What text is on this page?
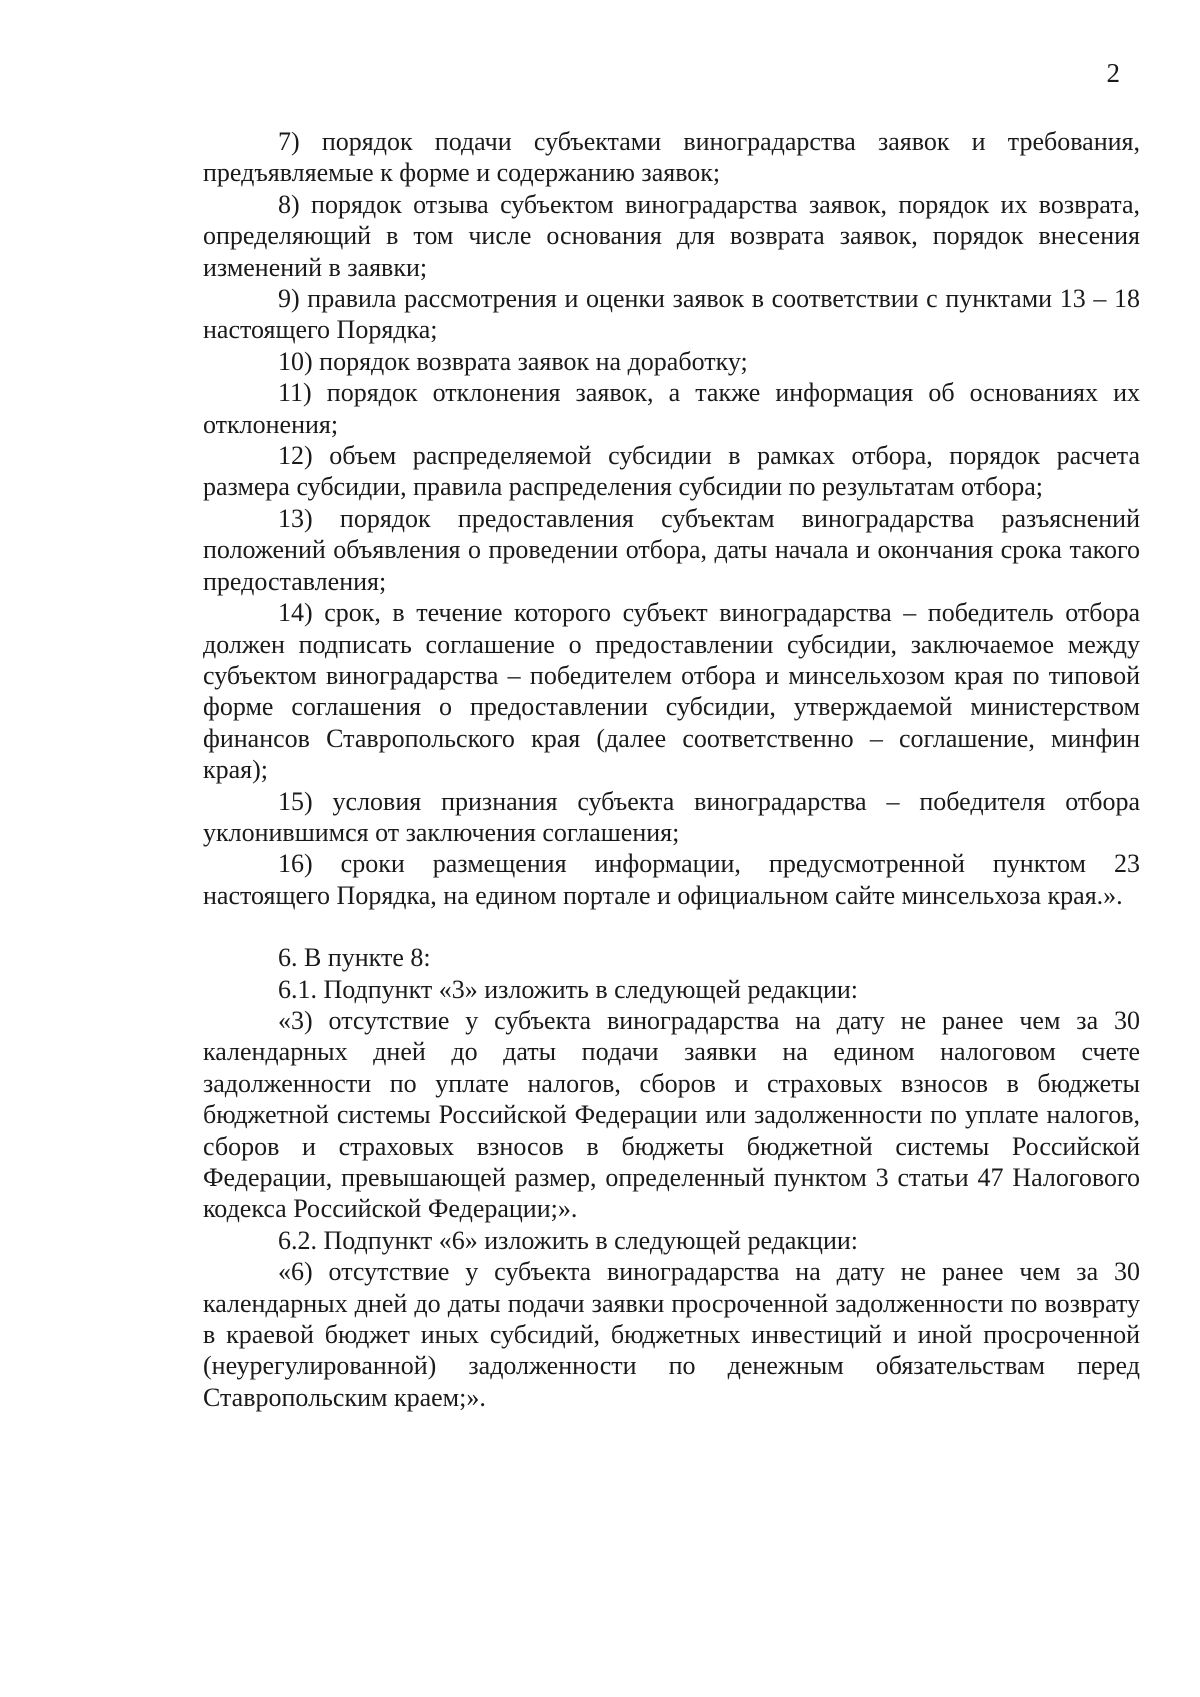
2

7) порядок подачи субъектами виноградарства заявок и требования, предъявляемые к форме и содержанию заявок;

8) порядок отзыва субъектом виноградарства заявок, порядок их возврата, определяющий в том числе основания для возврата заявок, порядок внесения изменений в заявки;

9) правила рассмотрения и оценки заявок в соответствии с пунктами 13 – 18 настоящего Порядка;

10) порядок возврата заявок на доработку;

11) порядок отклонения заявок, а также информация об основаниях их отклонения;

12) объем распределяемой субсидии в рамках отбора, порядок расчета размера субсидии, правила распределения субсидии по результатам отбора;

13) порядок предоставления субъектам виноградарства разъяснений положений объявления о проведении отбора, даты начала и окончания срока такого предоставления;

14) срок, в течение которого субъект виноградарства – победитель отбора должен подписать соглашение о предоставлении субсидии, заключаемое между субъектом виноградарства – победителем отбора и минсельхозом края по типовой форме соглашения о предоставлении субсидии, утверждаемой министерством финансов Ставропольского края (далее соответственно – соглашение, минфин края);

15) условия признания субъекта виноградарства – победителя отбора уклонившимся от заключения соглашения;

16) сроки размещения информации, предусмотренной пунктом 23 настоящего Порядка, на едином портале и официальном сайте минсельхоза края.».

6. В пункте 8:

6.1. Подпункт «3» изложить в следующей редакции:

«3) отсутствие у субъекта виноградарства на дату не ранее чем за 30 календарных дней до даты подачи заявки на едином налоговом счете задолженности по уплате налогов, сборов и страховых взносов в бюджеты бюджетной системы Российской Федерации или задолженности по уплате налогов, сборов и страховых взносов в бюджеты бюджетной системы Российской Федерации, превышающей размер, определенный пунктом 3 статьи 47 Налогового кодекса Российской Федерации;».

6.2. Подпункт «6» изложить в следующей редакции:

«6) отсутствие у субъекта виноградарства на дату не ранее чем за 30 календарных дней до даты подачи заявки просроченной задолженности по возврату в краевой бюджет иных субсидий, бюджетных инвестиций и иной просроченной (неурегулированной) задолженности по денежным обязательствам перед Ставропольским краем;».
